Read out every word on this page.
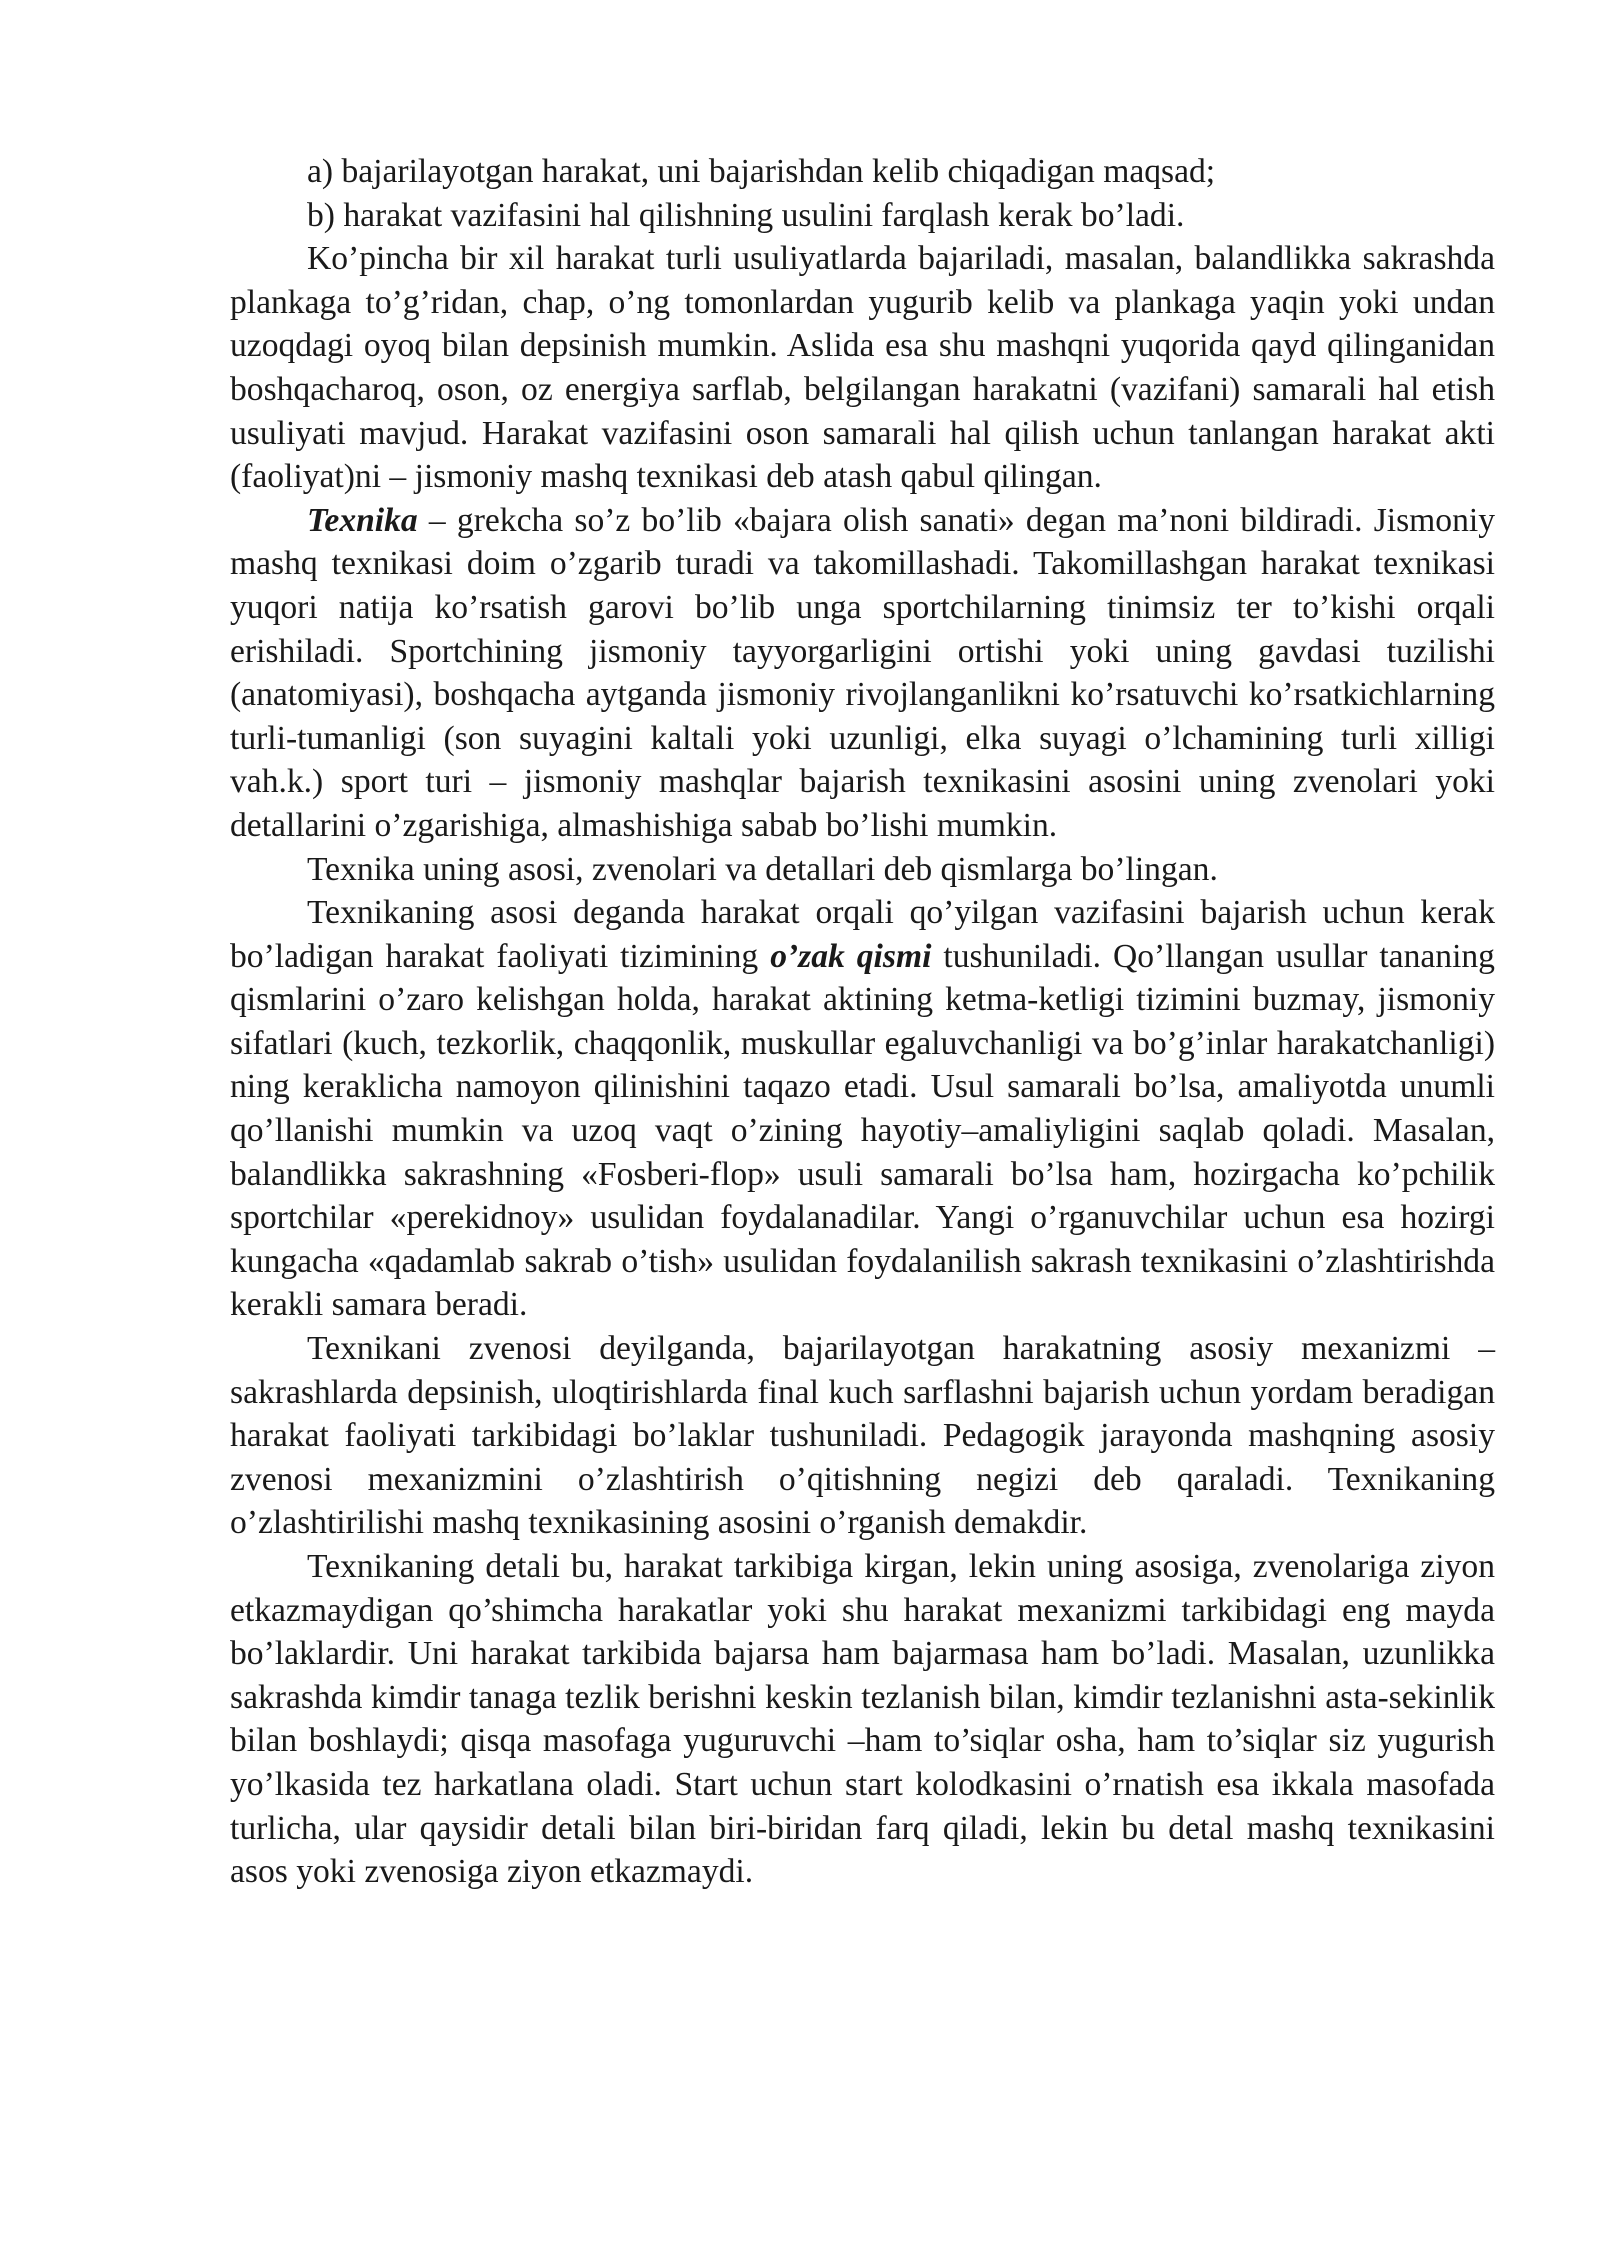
a) bajarilayotgan harakat, uni bajarishdan kelib chiqadigan maqsad;

b) harakat vazifasini hal qilishning usulini farqlash kerak bo’ladi.

Ko’pincha bir xil harakat turli usuliyatlarda bajariladi, masalan, balandlikka sakrashda plankaga to’g’ridan, chap, o’ng tomonlardan yugurib kelib va plankaga yaqin yoki undan uzoqdagi oyoq bilan depsinish mumkin. Aslida esa shu mashqni yuqorida qayd qilinganidan boshqacharoq, oson, oz energiya sarflab, belgilangan harakatni (vazifani) samarali hal etish usuliyati mavjud. Harakat vazifasini oson samarali hal qilish uchun tanlangan harakat akti (faoliyat)ni – jismoniy mashq texnikasi deb atash qabul qilingan.

Texnika – grekcha so’z bo’lib «bajara olish sanati» degan ma’noni bildiradi. Jismoniy mashq texnikasi doim o’zgarib turadi va takomillashadi. Takomillashgan harakat texnikasi yuqori natija ko’rsatish garovi bo’lib unga sportchilarning tinimsiz ter to’kishi orqali erishiladi. Sportchining jismoniy tayyorgarligini ortishi yoki uning gavdasi tuzilishi (anatomiyasi), boshqacha aytganda jismoniy rivojlanganlikni ko’rsatuvchi ko’rsatkichlarning turli-tumanligi (son suyagini kaltali yoki uzunligi, elka suyagi o’lchamining turli xilligi vah.k.) sport turi – jismoniy mashqlar bajarish texnikasini asosini uning zvenolari yoki detallarini o’zgarishiga, almashishiga sabab bo’lishi mumkin.

Texnika uning asosi, zvenolari va detallari deb qismlarga bo’lingan.

Texnikaning asosi deganda harakat orqali qo’yilgan vazifasini bajarish uchun kerak bo’ladigan harakat faoliyati tizimining o’zak qismi tushuniladi. Qo’llangan usullar tananing qismlarini o’zaro kelishgan holda, harakat aktining ketma-ketligi tizimini buzmay, jismoniy sifatlari (kuch, tezkorlik, chaqqonlik, muskullar egaluvchanligi va bo’g’inlar harakatchanligi) ning keraklicha namoyon qilinishini taqazo etadi. Usul samarali bo’lsa, amaliyotda unumli qo’llanishi mumkin va uzoq vaqt o’zining hayotiy–amaliyligini saqlab qoladi. Masalan, balandlikka sakrashning «Fosberi-flop» usuli samarali bo’lsa ham, hozirgacha ko’pchilik sportchilar «perekidnoy» usulidan foydalanadilar. Yangi o’rganuvchilar uchun esa hozirgi kungacha «qadamlab sakrab o’tish» usulidan foydalanilish sakrash texnikasini o’zlashtirishda kerakli samara beradi.

Texnikani zvenosi deyilganda, bajarilayotgan harakatning asosiy mexanizmi – sakrashlarda depsinish, uloqtirishlarda final kuch sarflashni bajarish uchun yordam beradigan harakat faoliyati tarkibidagi bo’laklar tushuniladi. Pedagogik jarayonda mashqning asosiy zvenosi mexanizmini o’zlashtirish o’qitishning negizi deb qaraladi. Texnikaning o’zlashtirilishi mashq texnikasining asosini o’rganish demakdir.

Texnikaning detali bu, harakat tarkibiga kirgan, lekin uning asosiga, zvenolariga ziyon etkazmaydigan qo’shimcha harakatlar yoki shu harakat mexanizmi tarkibidagi eng mayda bo’laklardir. Uni harakat tarkibida bajarsa ham bajarmasa ham bo’ladi. Masalan, uzunlikka sakrashda kimdir tanaga tezlik berishni keskin tezlanish bilan, kimdir tezlanishni asta-sekinlik bilan boshlaydi; qisqa masofaga yuguruvchi –ham to’siqlar osha, ham to’siqlar siz yugurish yo’lkasida tez harkatlana oladi. Start uchun start kolodkasini o’rnatish esa ikkala masofada turlicha, ular qaysidir detali bilan biri-biridan farq qiladi, lekin bu detal mashq texnikasini asos yoki zvenosiga ziyon etkazmaydi.
